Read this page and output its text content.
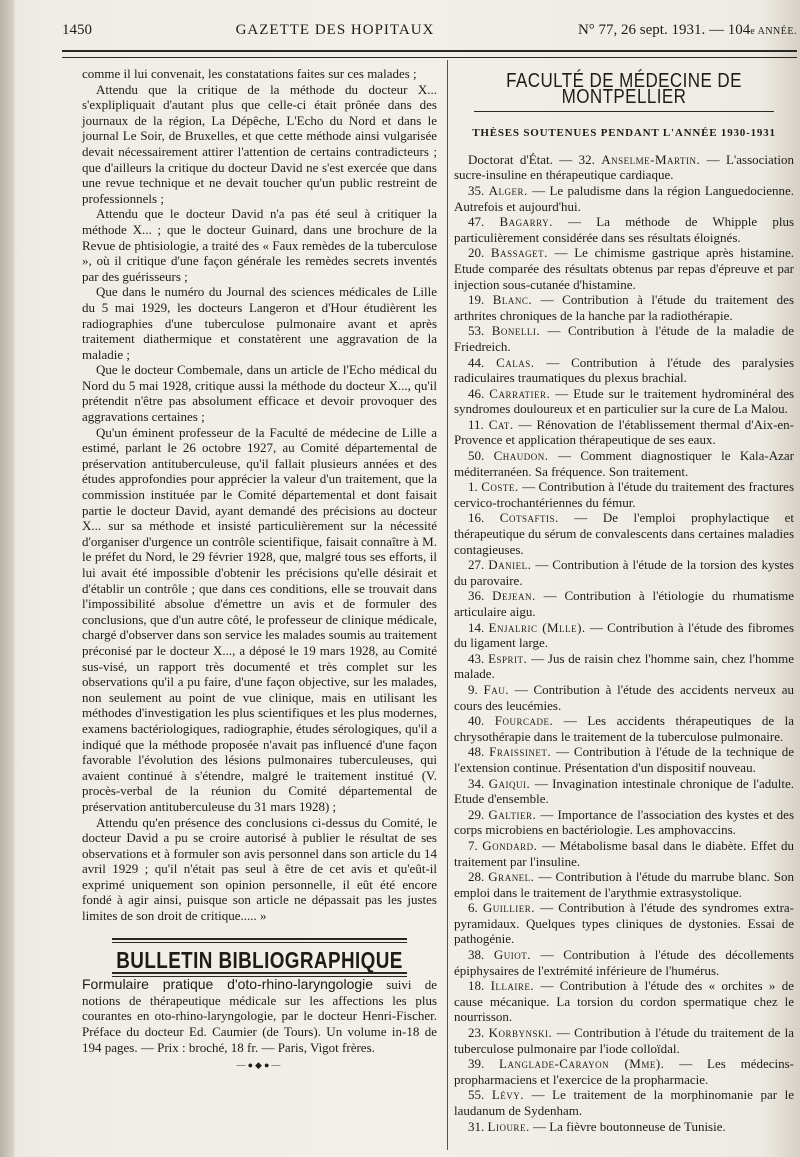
1450	GAZETTE DES HOPITAUX	N° 77, 26 sept. 1931. — 104e ANNÉE.

comme il lui convenait, les constatations faites sur ces malades ;

Attendu que la critique de la méthode du docteur X... s'explipliquait d'autant plus que celle-ci était prônée dans des journaux de la région, La Dépêche, L'Echo du Nord et dans le journal Le Soir, de Bruxelles, et que cette méthode ainsi vulgarisée devait nécessairement attirer l'attention de certains contradicteurs ; que d'ailleurs la critique du docteur David ne s'est exercée que dans une revue technique et ne devait toucher qu'un public restreint de professionnels ;

Attendu que le docteur David n'a pas été seul à critiquer la méthode X... ; que le docteur Guinard, dans une brochure de la Revue de phtisiologie, a traité des « Faux remèdes de la tuberculose », où il critique d'une façon générale les remèdes secrets inventés par des guérisseurs ;

Que dans le numéro du Journal des sciences médicales de Lille du 5 mai 1929, les docteurs Langeron et d'Hour étudièrent les radiographies d'une tuberculose pulmonaire avant et après traitement diathermique et constatèrent une aggravation de la maladie ;

Que le docteur Combemale, dans un article de l'Echo médical du Nord du 5 mai 1928, critique aussi la méthode du docteur X..., qu'il prétendit n'être pas absolument efficace et devoir provoquer des aggravations certaines ;

Qu'un éminent professeur de la Faculté de médecine de Lille a estimé, parlant le 26 octobre 1927, au Comité départemental de préservation antituberculeuse, qu'il fallait plusieurs années et des études approfondies pour apprécier la valeur d'un traitement, que la commission instituée par le Comité départemental et dont faisait partie le docteur David, ayant demandé des précisions au docteur X... sur sa méthode et insisté particulièrement sur la nécessité d'organiser d'urgence un contrôle scientifique, faisait connaître à M. le préfet du Nord, le 29 février 1928, que, malgré tous ses efforts, il lui avait été impossible d'obtenir les précisions qu'elle désirait et d'établir un contrôle ; que dans ces conditions, elle se trouvait dans l'impossibilité absolue d'émettre un avis et de formuler des conclusions, que d'un autre côté, le professeur de clinique médicale, chargé d'observer dans son service les malades soumis au traitement préconisé par le docteur X..., a déposé le 19 mars 1928, au Comité sus-visé, un rapport très documenté et très complet sur les observations qu'il a pu faire, d'une façon objective, sur les malades, non seulement au point de vue clinique, mais en utilisant les méthodes d'investigation les plus scientifiques et les plus modernes, examens bactériologiques, radiographie, études sérologiques, qu'il a indiqué que la méthode proposée n'avait pas influencé d'une façon favorable l'évolution des lésions pulmonaires tuberculeuses, qui avaient continué à s'étendre, malgré le traitement institué (V. procès-verbal de la réunion du Comité départemental de préservation antituberculeuse du 31 mars 1928) ;

Attendu qu'en présence des conclusions ci-dessus du Comité, le docteur David a pu se croire autorisé à publier le résultat de ses observations et à formuler son avis personnel dans son article du 14 avril 1929 ; qu'il n'était pas seul à être de cet avis et qu'eût-il exprimé uniquement son opinion personnelle, il eût été encore fondé à agir ainsi, puisque son article ne dépassait pas les justes limites de son droit de critique..... »

BULLETIN BIBLIOGRAPHIQUE

Formulaire pratique d'oto-rhino-laryngologie suivi de notions de thérapeutique médicale sur les affections les plus courantes en oto-rhino-laryngologie, par le docteur Henri-Fischer. Préface du docteur Ed. Caumier (de Tours). Un volume in-18 de 194 pages. — Prix : broché, 18 fr. — Paris, Vigot frères.

—●◆●—
FACULTÉ DE MÉDECINE DE MONTPELLIER
THÈSES SOUTENUES PENDANT L'ANNÉE 1930-1931

Doctorat d'État. — 32. Anselme-Martin. — L'association sucre-insuline en thérapeutique cardiaque.

35. Alger. — Le paludisme dans la région Languedocienne. Autrefois et aujourd'hui.

47. Bagarry. — La méthode de Whipple plus particulièrement considérée dans ses résultats éloignés.

20. Bassaget. — Le chimisme gastrique après histamine. Etude comparée des résultats obtenus par repas d'épreuve et par injection sous-cutanée d'histamine.

19. Blanc. — Contribution à l'étude du traitement des arthrites chroniques de la hanche par la radiothérapie.

53. Bonelli. — Contribution à l'étude de la maladie de Friedreich.

44. Calas. — Contribution à l'étude des paralysies radiculaires traumatiques du plexus brachial.

46. Carratier. — Etude sur le traitement hydrominéral des syndromes douloureux et en particulier sur la cure de La Malou.

11. Cat. — Rénovation de l'établissement thermal d'Aix-en-Provence et application thérapeutique de ses eaux.

50. Chaudon. — Comment diagnostiquer le Kala-Azar méditerranéen. Sa fréquence. Son traitement.

1. Coste. — Contribution à l'étude du traitement des fractures cervico-trochantériennes du fémur.

16. Cotsaftis. — De l'emploi prophylactique et thérapeutique du sérum de convalescents dans certaines maladies contagieuses.

27. Daniel. — Contribution à l'étude de la torsion des kystes du parovaire.

36. Dejean. — Contribution à l'étiologie du rhumatisme articulaire aigu.

14. Enjalric (Mlle). — Contribution à l'étude des fibromes du ligament large.

43. Esprit. — Jus de raisin chez l'homme sain, chez l'homme malade.

9. Fau. — Contribution à l'étude des accidents nerveux au cours des leucémies.

40. Fourcade. — Les accidents thérapeutiques de la chrysothérapie dans le traitement de la tuberculose pulmonaire.

48. Fraissinet. — Contribution à l'étude de la technique de l'extension continue. Présentation d'un dispositif nouveau.

34. Gaiqui. — Invagination intestinale chronique de l'adulte. Etude d'ensemble.

29. Galtier. — Importance de l'association des kystes et des corps microbiens en bactériologie. Les amphovaccins.

7. Gondard. — Métabolisme basal dans le diabète. Effet du traitement par l'insuline.

28. Granel. — Contribution à l'étude du marrube blanc. Son emploi dans le traitement de l'arythmie extrasystolique.

6. Guillier. — Contribution à l'étude des syndromes extra-pyramidaux. Quelques types cliniques de dystonies. Essai de pathogénie.

38. Guiot. — Contribution à l'étude des décollements épiphysaires de l'extrémité inférieure de l'humérus.

18. Illaire. — Contribution à l'étude des « orchites » de cause mécanique. La torsion du cordon spermatique chez le nourrisson.

23. Korbynski. — Contribution à l'étude du traitement de la tuberculose pulmonaire par l'iode colloïdal.

39. Langlade-Carayon (Mme). — Les médecins-propharmaciens et l'exercice de la propharmacie.

55. Lévy. — Le traitement de la morphinomanie par le laudanum de Sydenham.

31. Lioure. — La fièvre boutonneuse de Tunisie.
